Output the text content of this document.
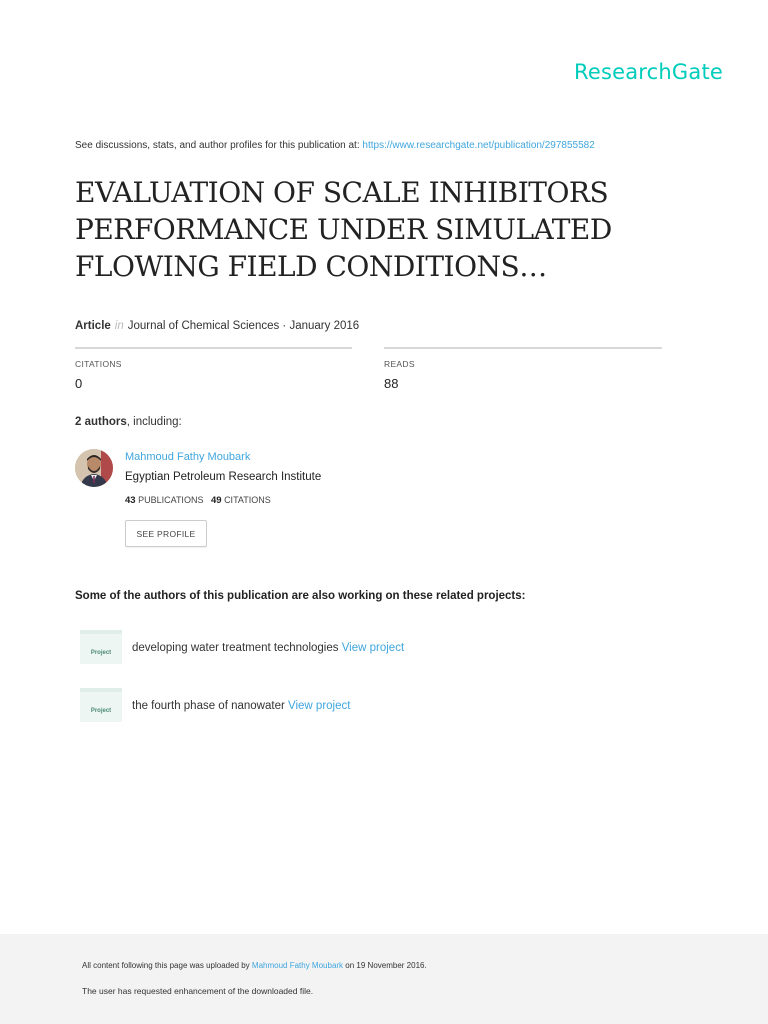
ResearchGate
See discussions, stats, and author profiles for this publication at: https://www.researchgate.net/publication/297855582
EVALUATION OF SCALE INHIBITORS PERFORMANCE UNDER SIMULATED FLOWING FIELD CONDITIONS…
Article in Journal of Chemical Sciences · January 2016
CITATIONS
0
READS
88
2 authors, including:
Mahmoud Fathy Moubark
Egyptian Petroleum Research Institute
43 PUBLICATIONS 49 CITATIONS
SEE PROFILE
Some of the authors of this publication are also working on these related projects:
Project developing water treatment technologies View project
Project the fourth phase of nanowater View project
All content following this page was uploaded by Mahmoud Fathy Moubark on 19 November 2016.
The user has requested enhancement of the downloaded file.
